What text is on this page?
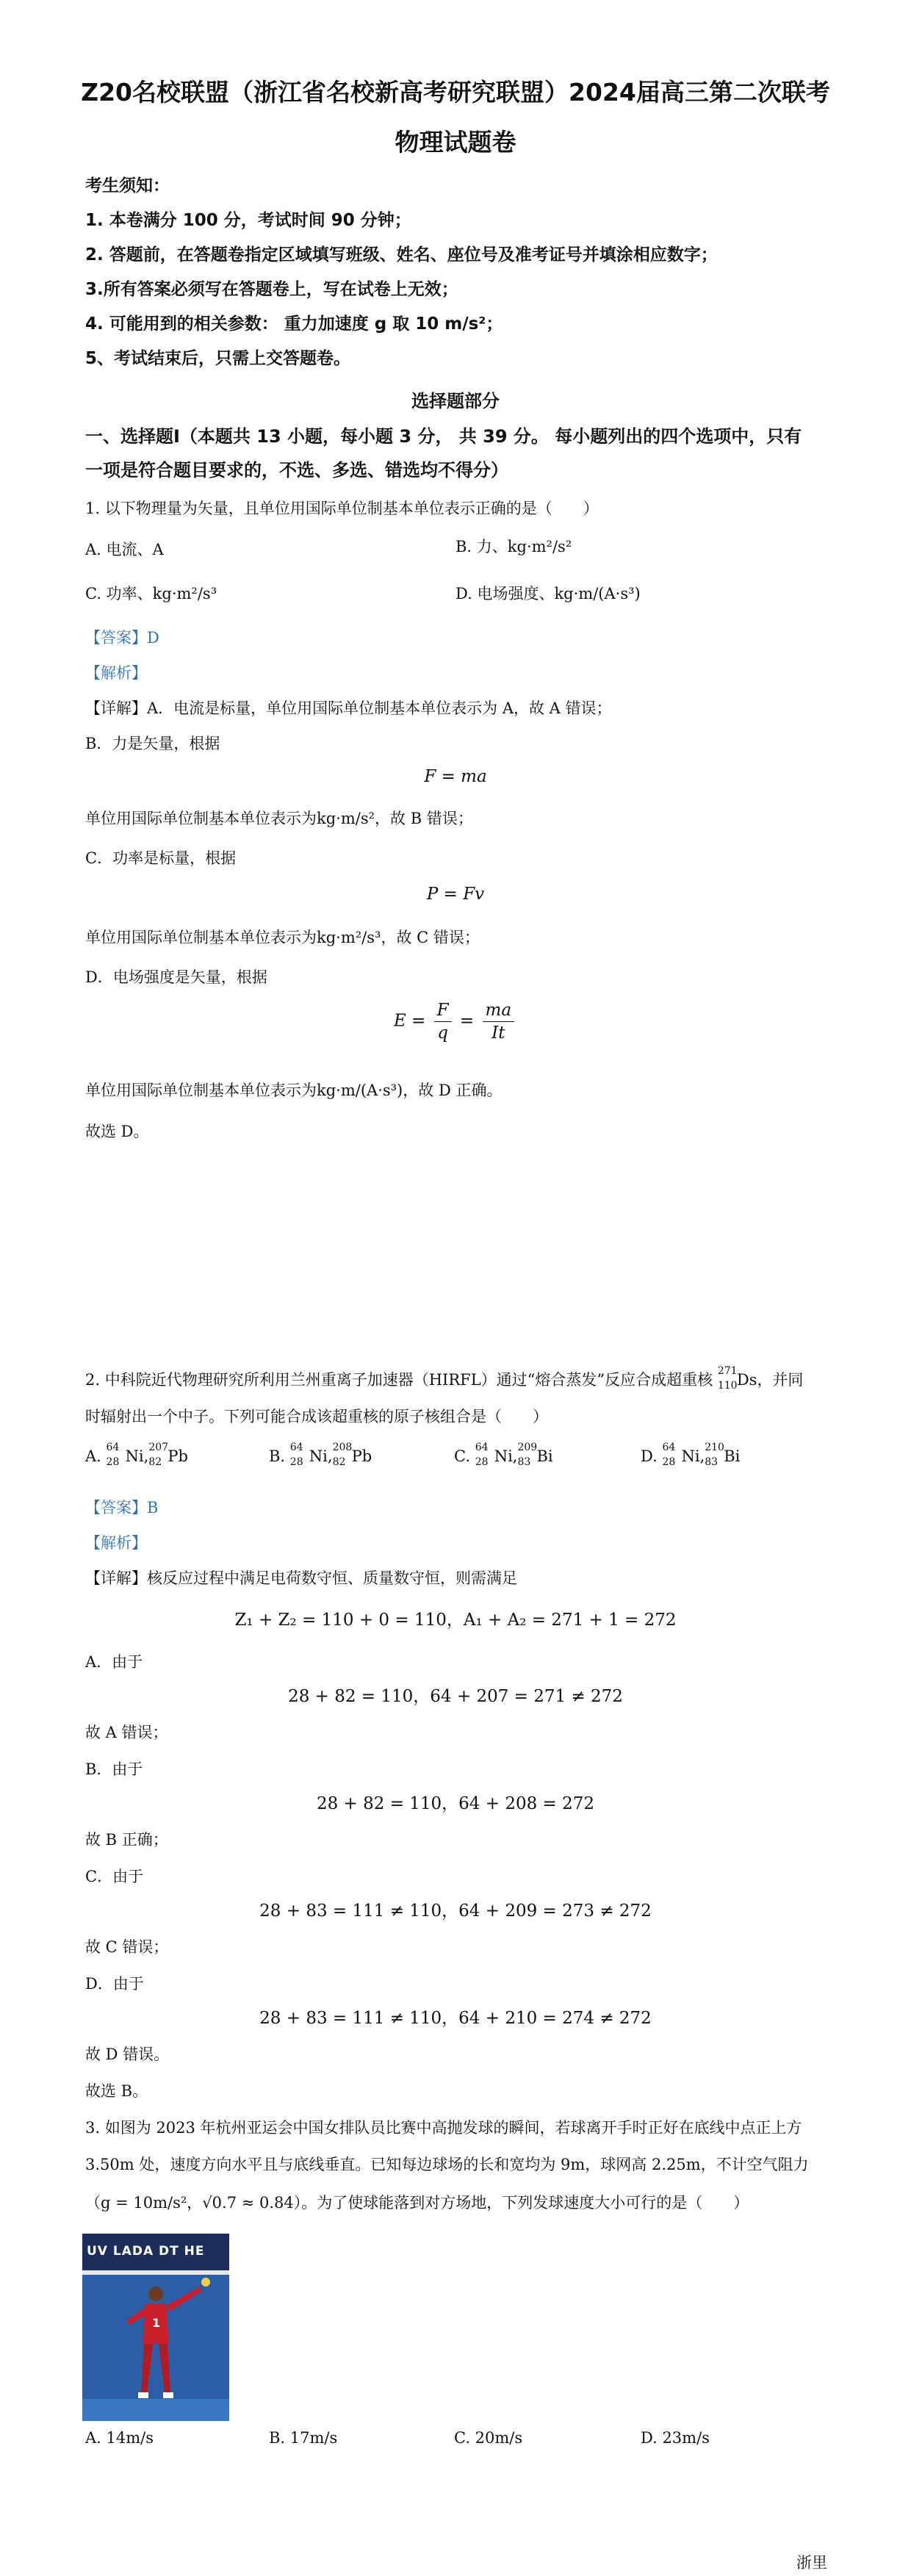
Z20名校联盟（浙江省名校新高考研究联盟）2024届高三第二次联考
物理试题卷
考生须知：
1. 本卷满分 100 分，考试时间 90 分钟；
2. 答题前，在答题卷指定区域填写班级、姓名、座位号及准考证号并填涂相应数字；
3.所有答案必须写在答题卷上，写在试卷上无效；
4. 可能用到的相关参数： 重力加速度 g 取 10 m/s²；
5、考试结束后，只需上交答题卷。
选择题部分
一、选择题Ⅰ（本题共 13 小题，每小题 3 分， 共 39 分。 每小题列出的四个选项中，只有
一项是符合题目要求的，不选、多选、错选均不得分）
1. 以下物理量为矢量，且单位用国际单位制基本单位表示正确的是（　　）
A. 电流、A	B. 力、kg·m²/s²
C. 功率、kg·m²/s³	D. 电场强度、kg·m/(A·s³)
【答案】D
【解析】
【详解】A．电流是标量，单位用国际单位制基本单位表示为 A，故 A 错误；
B．力是矢量，根据
F = ma
单位用国际单位制基本单位表示为kg·m/s²，故 B 错误；
C．功率是标量，根据
P = Fv
单位用国际单位制基本单位表示为kg·m²/s³，故 C 错误；
D．电场强度是矢量，根据
$E = \frac{F}{q} = \frac{ma}{It}$
单位用国际单位制基本单位表示为kg·m/(A·s³)，故 D 正确。
故选 D。
2. 中科院近代物理研究所利用兰州重离子加速器（HIRFL）通过“熔合蒸发”反应合成超重核 271
110 Ds，并同
时辐射出一个中子。下列可能合成该超重核的原子核组合是（　　）
A. 64
28 Ni, 207
82 Pb	B. 64
28 Ni, 208
82 Pb	C. 64
28 Ni, 209
83 Bi	D. 64
28 Ni, 210
83 Bi
【答案】B
【解析】
【详解】核反应过程中满足电荷数守恒、质量数守恒，则需满足
Z₁ + Z₂ = 110 + 0 = 110，A₁ + A₂ = 271 + 1 = 272
A．由于
28 + 82 = 110，64 + 207 = 271 ≠ 272
故 A 错误；
B．由于
28 + 82 = 110，64 + 208 = 272
故 B 正确；
C．由于
28 + 83 = 111 ≠ 110，64 + 209 = 273 ≠ 272
故 C 错误；
D．由于
28 + 83 = 111 ≠ 110，64 + 210 = 274 ≠ 272
故 D 错误。
故选 B。
3. 如图为 2023 年杭州亚运会中国女排队员比赛中高抛发球的瞬间，若球离开手时正好在底线中点正上方
3.50m 处，速度方向水平且与底线垂直。已知每边球场的长和宽均为 9m，球网高 2.25m，不计空气阻力
（g = 10m/s²，√0.7 ≈ 0.84）。为了使球能落到对方场地，下列发球速度大小可行的是（　　）
UV LADA DT HE
1
A. 14m/s	B. 17m/s	C. 20m/s	D. 23m/s
浙里
